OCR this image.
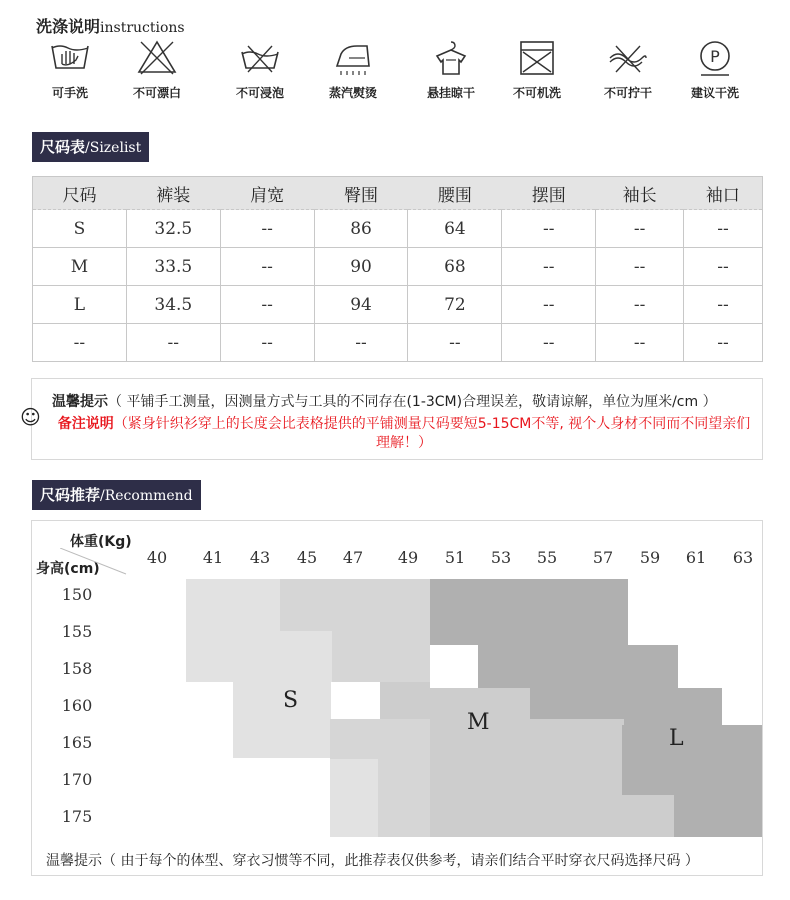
洗涤说明instructions
可手洗	不可漂白	不可浸泡	蒸汽熨烫	悬挂晾干	不可机洗	不可拧干
P
建议干洗
尺码表/Sizelist
尺码	裤装	肩宽	臀围	腰围	摆围	袖长	袖口
S	32.5	--	86	64	--	--	--
M	33.5	--	90	68	--	--	--
L	34.5	--	94	72	--	--	--
--	--	--	--	--	--	--	--
☺
温馨提示（ 平铺手工测量，因测量方式与工具的不同存在(1-3CM)合理误差，敬请谅解，单位为厘米/cm ）
备注说明（紧身针织衫穿上的长度会比表格提供的平铺测量尺码要短5-15CM不等, 视个人身材不同而不同望亲们理解！）
尺码推荐/Recommend
体重(Kg)
身高(cm)
40	41	43	45	47	49	51	53	55	57	59	61	63
150
155
158
160
165
170
175
S
M
L
温馨提示（ 由于每个的体型、穿衣习惯等不同，此推荐表仅供参考，请亲们结合平时穿衣尺码选择尺码 ）
